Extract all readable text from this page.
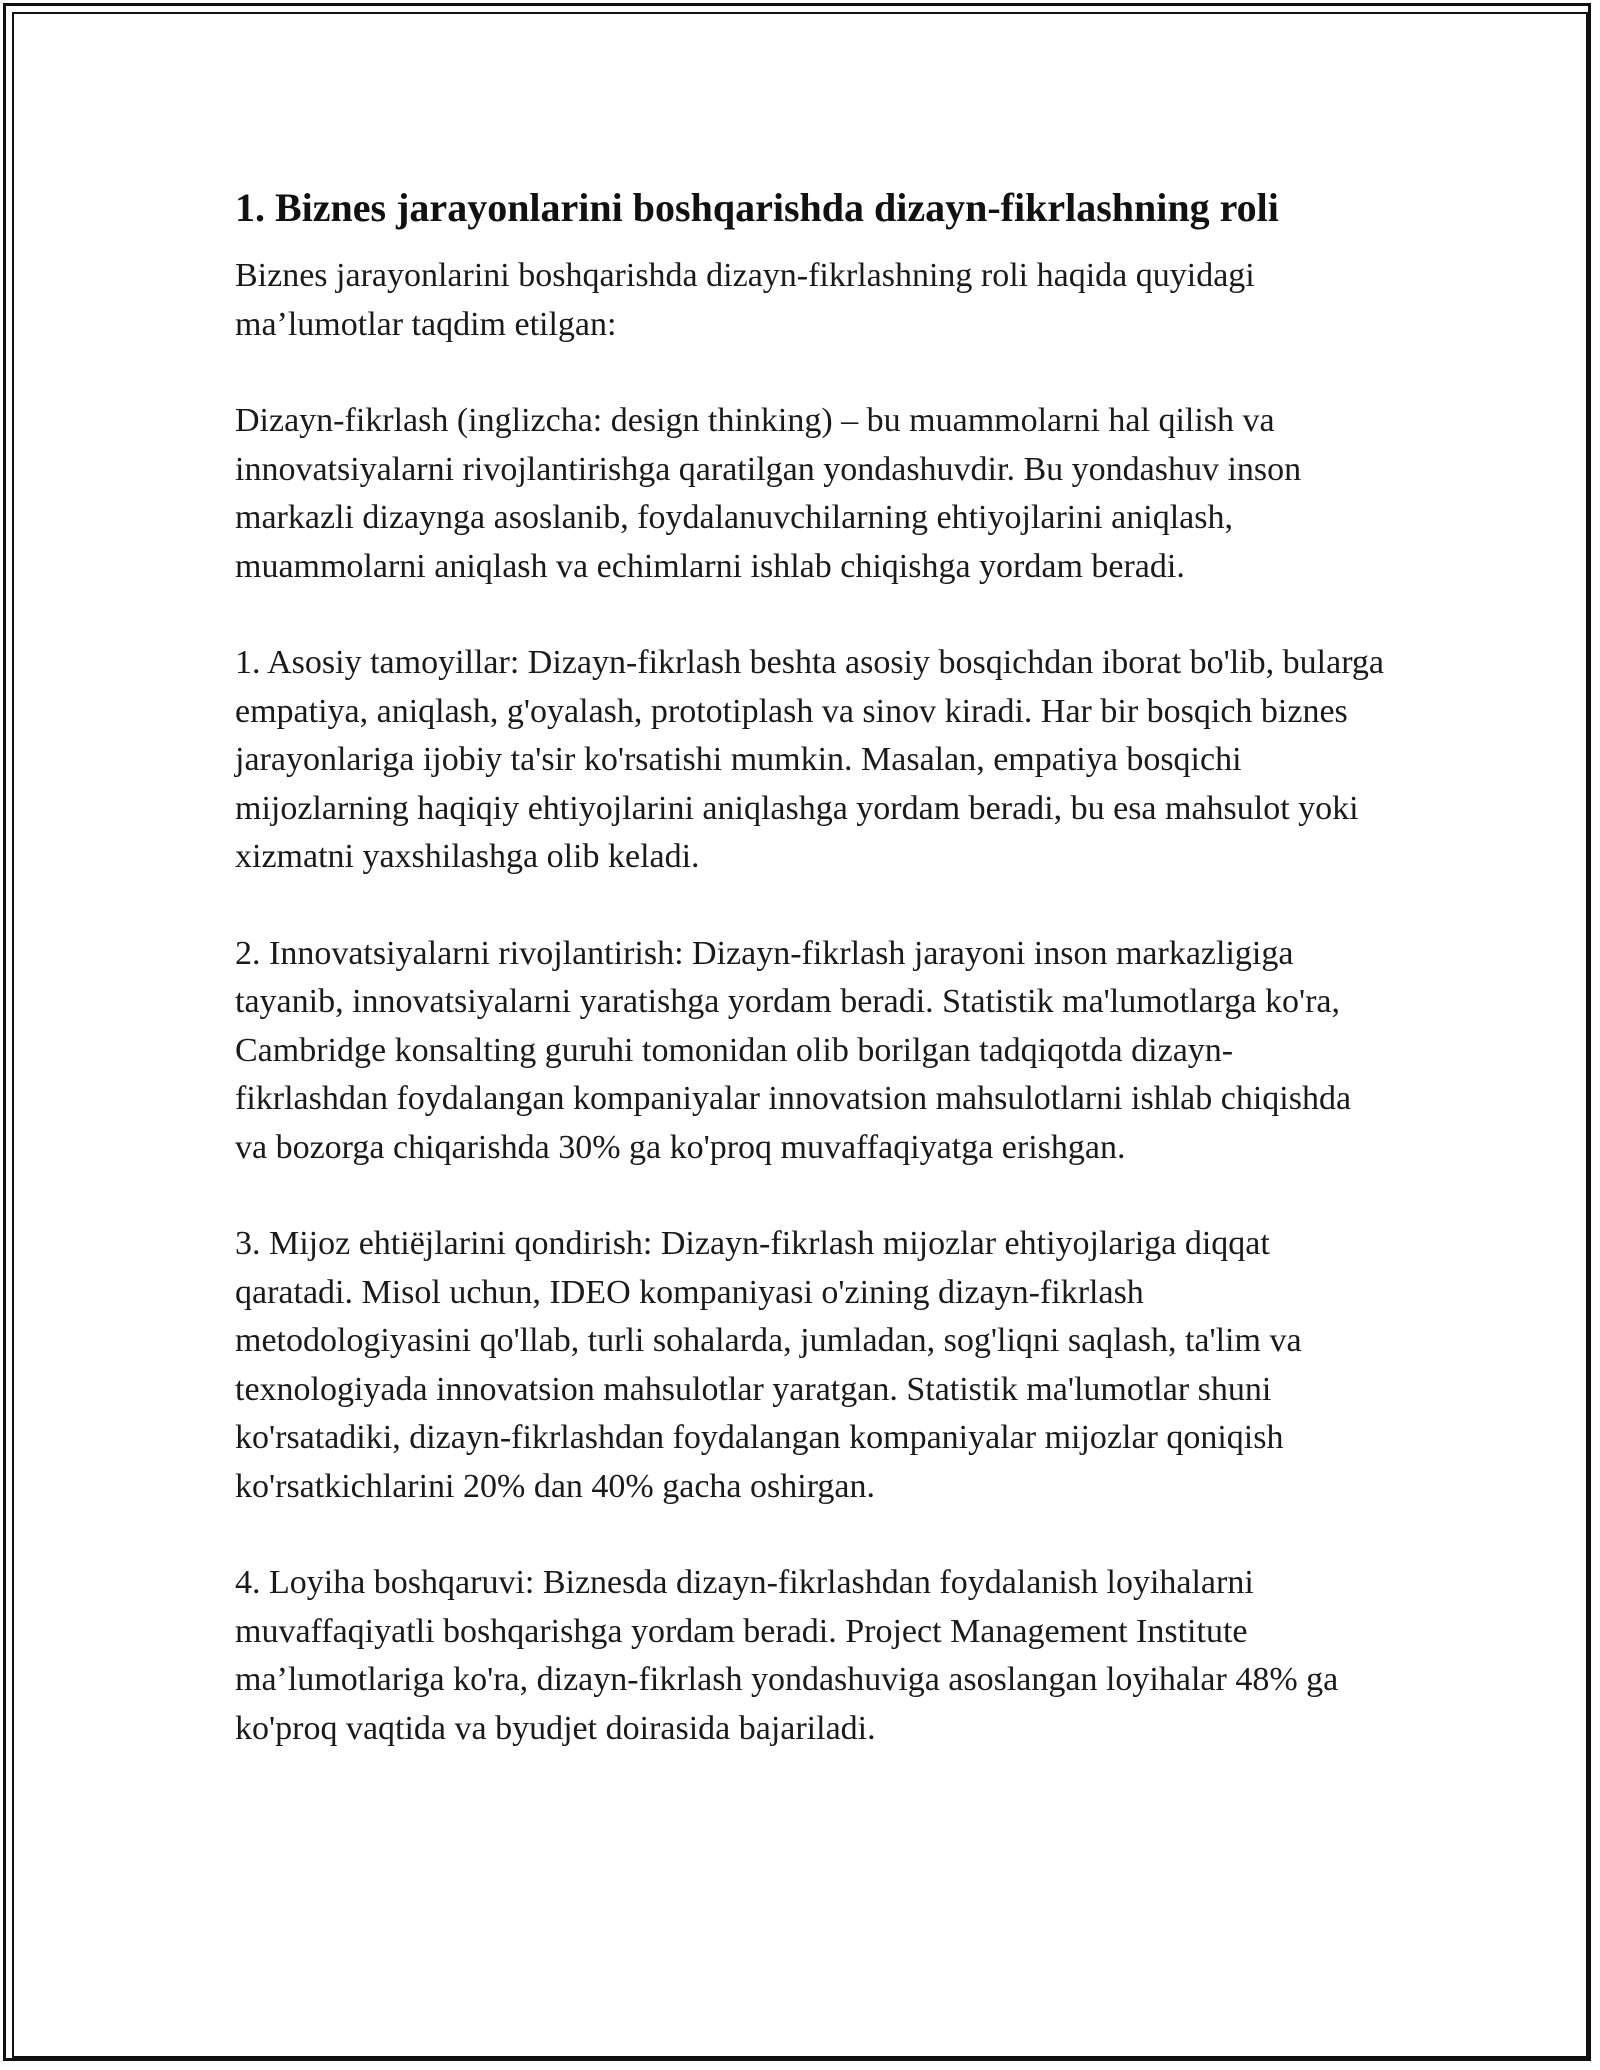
1. Biznes jarayonlarini boshqarishda dizayn-fikrlashning roli

Biznes jarayonlarini boshqarishda dizayn-fikrlashning roli haqida quyidagi ma’lumotlar taqdim etilgan:

Dizayn-fikrlash (inglizcha: design thinking) – bu muammolarni hal qilish va innovatsiyalarni rivojlantirishga qaratilgan yondashuvdir. Bu yondashuv inson markazli dizaynga asoslanib, foydalanuvchilarning ehtiyojlarini aniqlash, muammolarni aniqlash va echimlarni ishlab chiqishga yordam beradi.

1. Asosiy tamoyillar: Dizayn-fikrlash beshta asosiy bosqichdan iborat bo'lib, bularga empatiya, aniqlash, g'oyalash, prototiplash va sinov kiradi. Har bir bosqich biznes jarayonlariga ijobiy ta'sir ko'rsatishi mumkin. Masalan, empatiya bosqichi mijozlarning haqiqiy ehtiyojlarini aniqlashga yordam beradi, bu esa mahsulot yoki xizmatni yaxshilashga olib keladi.

2. Innovatsiyalarni rivojlantirish: Dizayn-fikrlash jarayoni inson markazligiga tayanib, innovatsiyalarni yaratishga yordam beradi. Statistik ma'lumotlarga ko'ra, Cambridge konsalting guruhi tomonidan olib borilgan tadqiqotda dizayn-fikrlashdan foydalangan kompaniyalar innovatsion mahsulotlarni ishlab chiqishda va bozorga chiqarishda 30% ga ko'proq muvaffaqiyatga erishgan.

3. Mijoz ehtiёjlarini qondirish: Dizayn-fikrlash mijozlar ehtiyojlariga diqqat qaratadi. Misol uchun, IDEO kompaniyasi o'zining dizayn-fikrlash metodologiyasini qo'llab, turli sohalarda, jumladan, sog'liqni saqlash, ta'lim va texnologiyada innovatsion mahsulotlar yaratgan. Statistik ma'lumotlar shuni ko'rsatadiki, dizayn-fikrlashdan foydalangan kompaniyalar mijozlar qoniqish ko'rsatkichlarini 20% dan 40% gacha oshirgan.

4. Loyiha boshqaruvi: Biznesda dizayn-fikrlashdan foydalanish loyihalarni muvaffaqiyatli boshqarishga yordam beradi. Project Management Institute ma’lumotlariga ko'ra, dizayn-fikrlash yondashuviga asoslangan loyihalar 48% ga ko'proq vaqtida va byudjet doirasida bajariladi.
